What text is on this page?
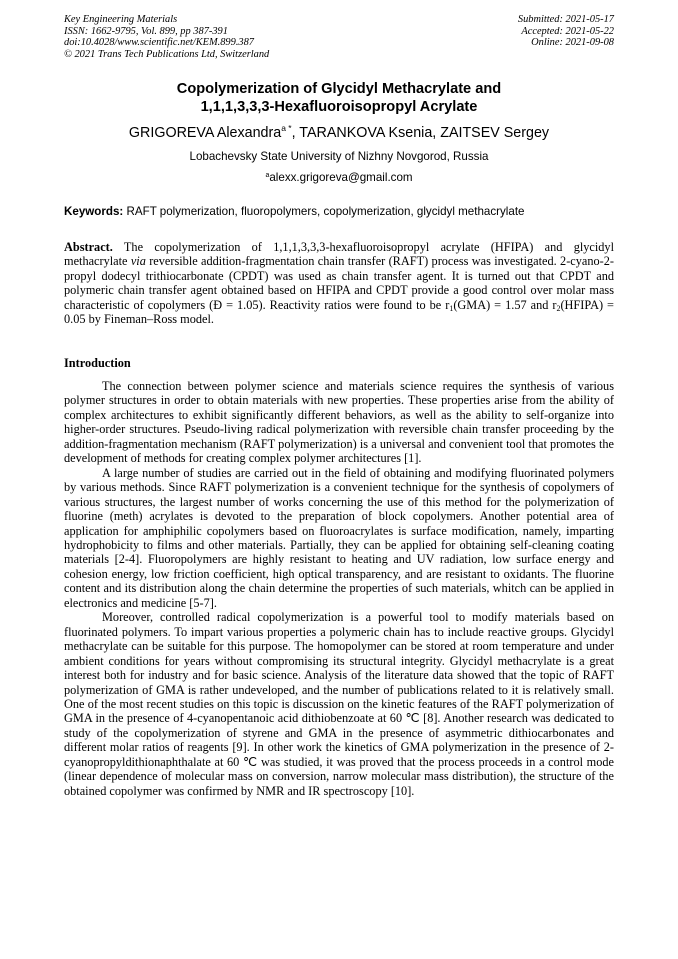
Key Engineering Materials
ISSN: 1662-9795, Vol. 899, pp 387-391
doi:10.4028/www.scientific.net/KEM.899.387
© 2021 Trans Tech Publications Ltd, Switzerland
Submitted: 2021-05-17
Accepted: 2021-05-22
Online: 2021-09-08
Copolymerization of Glycidyl Methacrylate and
1,1,1,3,3,3-Hexafluoroisopropyl Acrylate
GRIGOREVA Alexandra$^{a *}$, TARANKOVA Ksenia, ZAITSEV Sergey
Lobachevsky State University of Nizhny Novgorod, Russia
$^a$alexx.grigoreva@gmail.com
Keywords: RAFT polymerization, fluoropolymers, copolymerization, glycidyl methacrylate

Abstract. The copolymerization of 1,1,1,3,3,3-hexafluoroisopropyl acrylate (HFIPA) and glycidyl methacrylate via reversible addition-fragmentation chain transfer (RAFT) process was investigated. 2-cyano-2-propyl dodecyl trithiocarbonate (CPDT) was used as chain transfer agent. It is turned out that CPDT and polymeric chain transfer agent obtained based on HFIPA and CPDT provide a good control over molar mass characteristic of copolymers (Đ = 1.05). Reactivity ratios were found to be $r_1(GMA) = 1.57$ and $r_2(HFIPA) = 0.05$ by Fineman–Ross model.

Introduction

The connection between polymer science and materials science requires the synthesis of various polymer structures in order to obtain materials with new properties. These properties arise from the ability of complex architectures to exhibit significantly different behaviors, as well as the ability to self-organize into higher-order structures. Pseudo-living radical polymerization with reversible chain transfer proceeding by the addition-fragmentation mechanism (RAFT polymerization) is a universal and convenient tool that promotes the development of methods for creating complex polymer architectures [1].

A large number of studies are carried out in the field of obtaining and modifying fluorinated polymers by various methods. Since RAFT polymerization is a convenient technique for the synthesis of copolymers of various structures, the largest number of works concerning the use of this method for the polymerization of fluorine (meth) acrylates is devoted to the preparation of block copolymers. Another potential area of application for amphiphilic copolymers based on fluoroacrylates is surface modification, namely, imparting hydrophobicity to films and other materials. Partially, they can be applied for obtaining self-cleaning coating materials [2-4]. Fluoropolymers are highly resistant to heating and UV radiation, low surface energy and cohesion energy, low friction coefficient, high optical transparency, and are resistant to oxidants. The fluorine content and its distribution along the chain determine the properties of such materials, whitch can be applied in electronics and medicine [5-7].

Moreover, controlled radical copolymerization is a powerful tool to modify materials based on fluorinated polymers. To impart various properties a polymeric chain has to include reactive groups. Glycidyl methacrylate can be suitable for this purpose. The homopolymer can be stored at room temperature and under ambient conditions for years without compromising its structural integrity. Glycidyl methacrylate is a great interest both for industry and for basic science. Analysis of the literature data showed that the topic of RAFT polymerization of GMA is rather undeveloped, and the number of publications related to it is relatively small. One of the most recent studies on this topic is discussion on the kinetic features of the RAFT polymerization of GMA in the presence of 4-cyanopentanoic acid dithiobenzoate at 60 ℃ [8]. Another research was dedicated to study of the copolymerization of styrene and GMA in the presence of asymmetric dithiocarbonates and different molar ratios of reagents [9]. In other work the kinetics of GMA polymerization in the presence of 2-cyanopropyldithionaphthalate at 60 ℃ was studied, it was proved that the process proceeds in a control mode (linear dependence of molecular mass on conversion, narrow molecular mass distribution), the structure of the obtained copolymer was confirmed by NMR and IR spectroscopy [10].
